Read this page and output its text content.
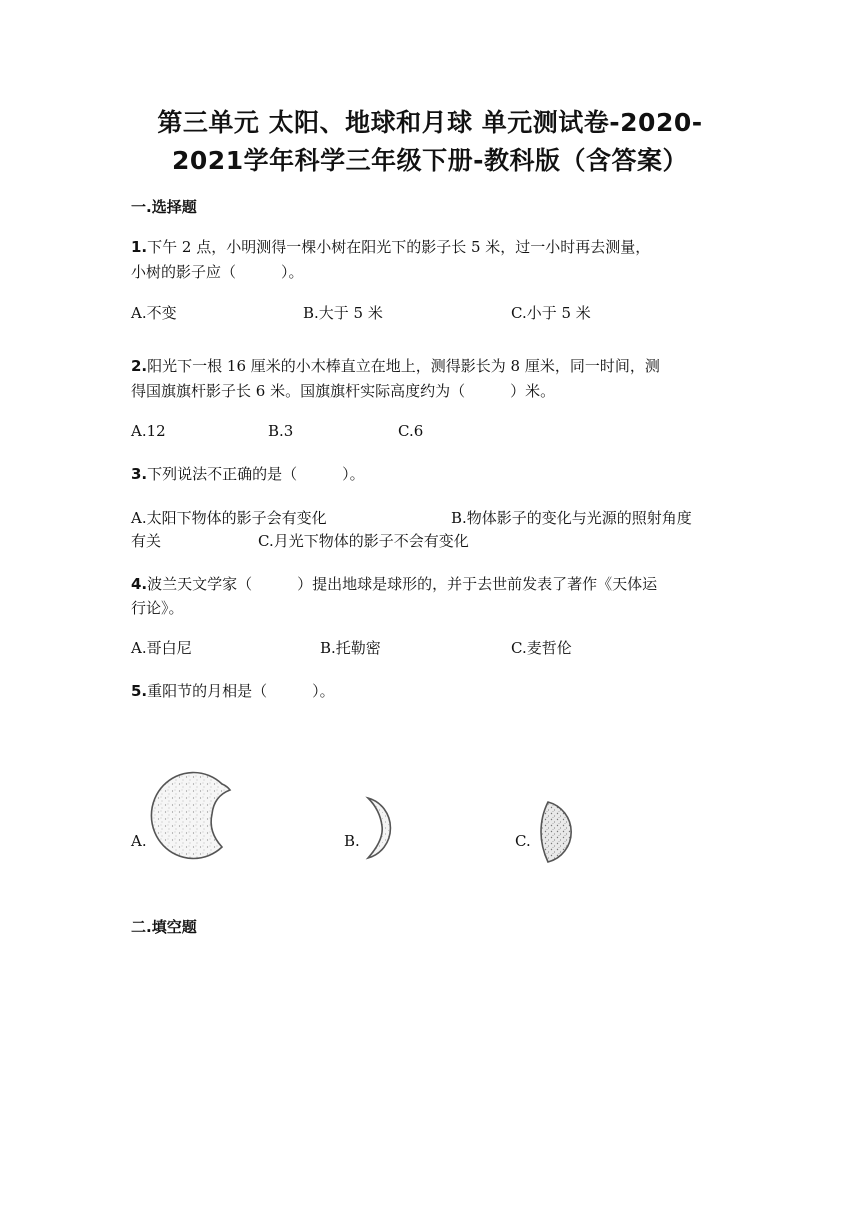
第三单元 太阳、地球和月球 单元测试卷-2020-
2021学年科学三年级下册-教科版（含答案）
一.选择题
1.下午 2 点，小明测得一棵小树在阳光下的影子长 5 米，过一小时再去测量，
小树的影子应（　　　）。
A.不变	B.大于 5 米	C.小于 5 米
2.阳光下一根 16 厘米的小木棒直立在地上，测得影长为 8 厘米，同一时间，测
得国旗旗杆影子长 6 米。国旗旗杆实际高度约为（　　　）米。
A.12	B.3	C.6
3.下列说法不正确的是（　　　）。
A.太阳下物体的影子会有变化	B.物体影子的变化与光源的照射角度
有关	C.月光下物体的影子不会有变化
4.波兰天文学家（　　　）提出地球是球形的，并于去世前发表了著作《天体运
行论》。
A.哥白尼	B.托勒密	C.麦哲伦
5.重阳节的月相是（　　　）。
A.	B.	C.
二.填空题
